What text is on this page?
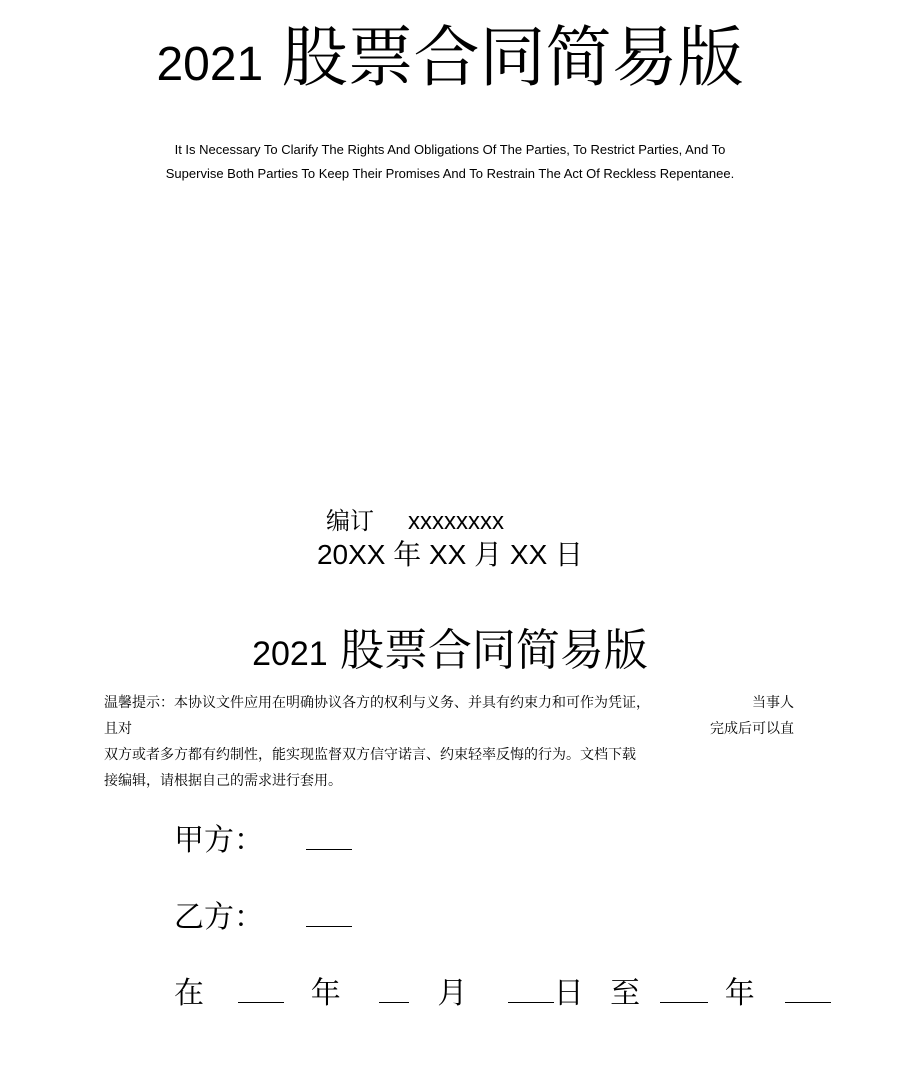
2021 股票合同简易版
It Is Necessary To Clarify The Rights And Obligations Of The Parties, To Restrict Parties, And To
Supervise Both Parties To Keep Their Promises And To Restrain The Act Of Reckless Repentanee.
编订 xxxxxxxx
20XX 年 XX 月 XX 日
2021 股票合同简易版
温馨提示：本协议文件应用在明确协议各方的权利与义务、并具有约束力和可作为凭证，	当事人
且对	完成后可以直
双方或者多方都有约制性，能实现监督双方信守诺言、约束轻率反悔的行为。文档下载
接编辑，请根据自己的需求进行套用。
甲方：
乙方：
在	年	月	日 至	年
